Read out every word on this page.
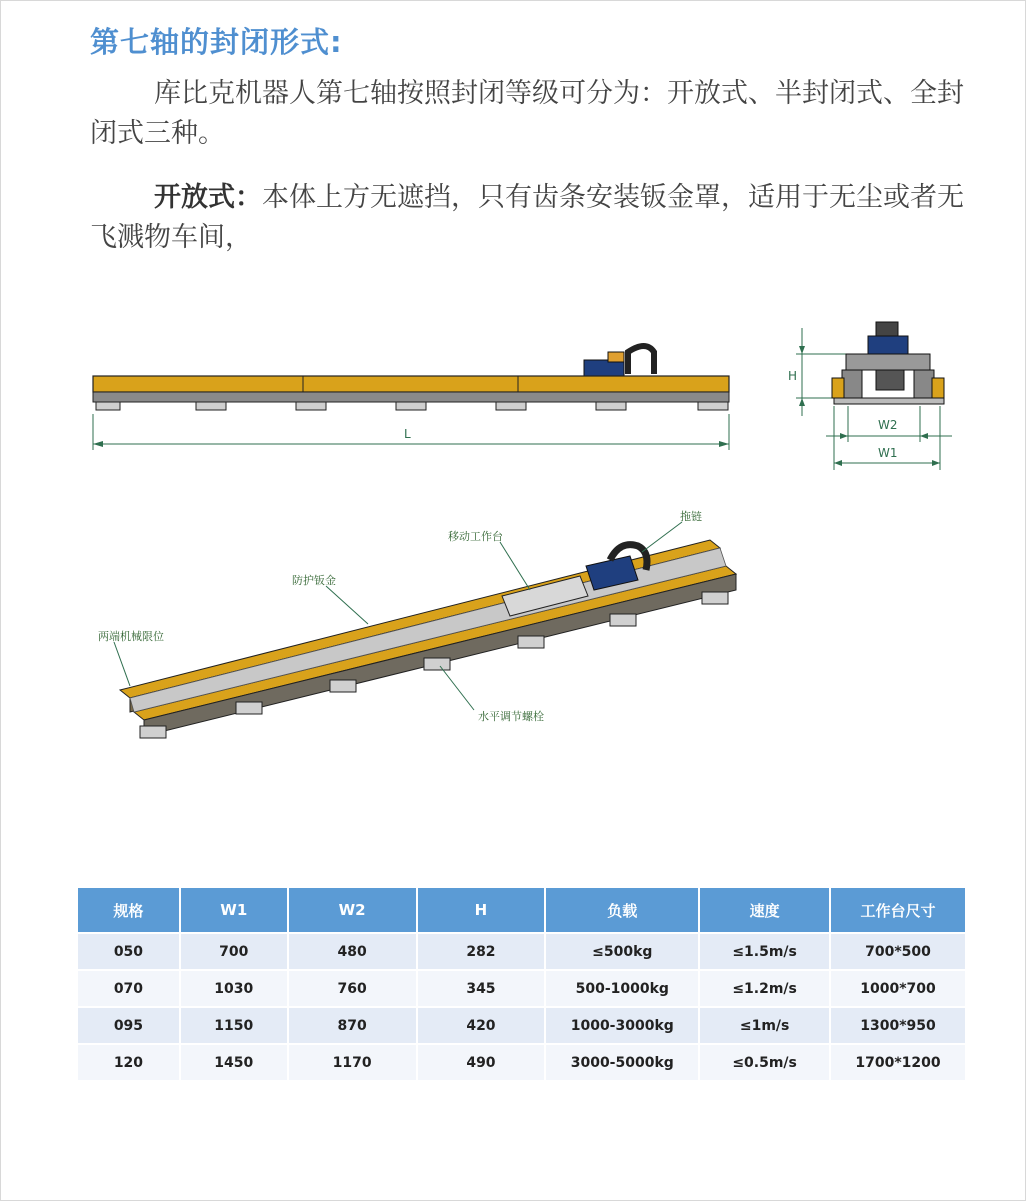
第七轴的封闭形式:
库比克机器人第七轴按照封闭等级可分为：开放式、半封闭式、全封闭式三种。
开放式：本体上方无遮挡，只有齿条安装钣金罩，适用于无尘或者无飞溅物车间，
L
H
W2
W1
拖链
移动工作台
防护钣金
两端机械限位
水平调节螺栓
规格	W1	W2	H	负载	速度	工作台尺寸
050	700	480	282	≤500kg	≤1.5m/s	700*500
070	1030	760	345	500-1000kg	≤1.2m/s	1000*700
095	1150	870	420	1000-3000kg	≤1m/s	1300*950
120	1450	1170	490	3000-5000kg	≤0.5m/s	1700*1200
